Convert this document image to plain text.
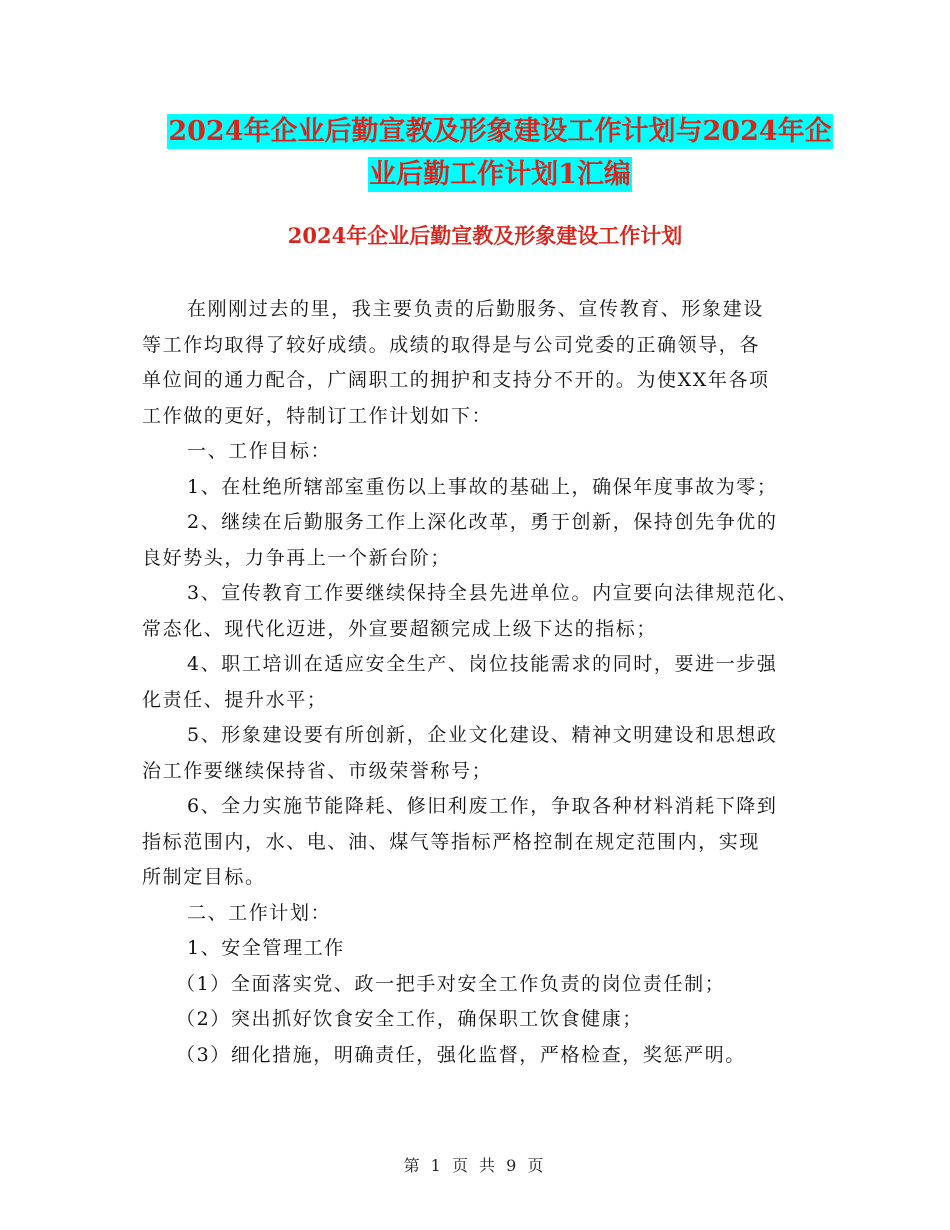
2024年企业后勤宣教及形象建设工作计划与2024年企
业后勤工作计划1汇编
2024年企业后勤宣教及形象建设工作计划
在刚刚过去的里，我主要负责的后勤服务、宣传教育、形象建设
等工作均取得了较好成绩。成绩的取得是与公司党委的正确领导，各
单位间的通力配合，广阔职工的拥护和支持分不开的。为使XX年各项
工作做的更好，特制订工作计划如下：
一、工作目标：
1、在杜绝所辖部室重伤以上事故的基础上，确保年度事故为零；
2、继续在后勤服务工作上深化改革，勇于创新，保持创先争优的
良好势头，力争再上一个新台阶；
3、宣传教育工作要继续保持全县先进单位。内宣要向法律规范化、
常态化、现代化迈进，外宣要超额完成上级下达的指标；
4、职工培训在适应安全生产、岗位技能需求的同时，要进一步强
化责任、提升水平；
5、形象建设要有所创新，企业文化建设、精神文明建设和思想政
治工作要继续保持省、市级荣誉称号；
6、全力实施节能降耗、修旧利废工作，争取各种材料消耗下降到
指标范围内，水、电、油、煤气等指标严格控制在规定范围内，实现
所制定目标。
二、工作计划：
1、安全管理工作
（1）全面落实党、政一把手对安全工作负责的岗位责任制；
（2）突出抓好饮食安全工作，确保职工饮食健康；
（3）细化措施，明确责任，强化监督，严格检查，奖惩严明。
第 1 页 共 9 页
